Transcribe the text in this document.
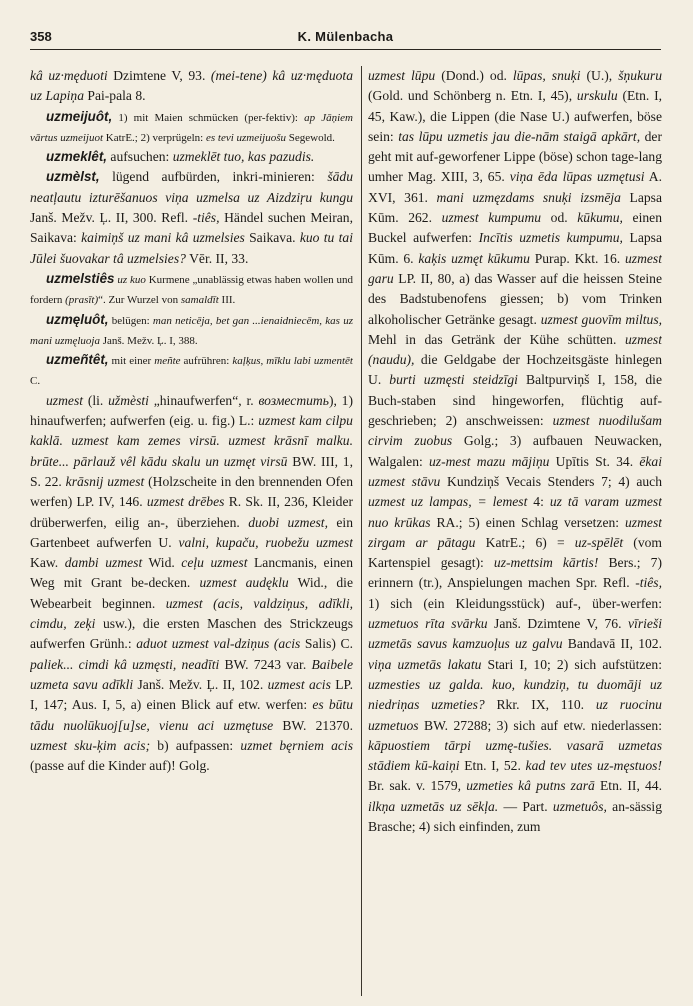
358	K. Mülenbacha

kâ uz·męduoti Dzimtene V, 93. (mei-tene) kâ uz·męduota uz Lapiņa Pai-pala 8.

uzmeijuôt, 1) mit Maien schmücken (per-fektiv): ap Jāņiem vārtus uzmeijuot KatrE.; 2) verprügeln: es tevi uzmeijuošu Segewold.

uzmeklêt, aufsuchen: uzmeklēt tuo, kas pazudis.

uzmèlst, lügend aufbürden, inkri-minieren: šādu neatļautu izturēšanuos viņa uzmelsa uz Aizdziŗu kungu Janš. Mežv. Ļ. II, 300. Refl. -tiês, Händel suchen Meiran, Saikava: kaimiņš uz mani kâ uzmelsies Saikava. kuo tu tai Jūlei šuovakar tâ uzmelsies? Vēr. II, 33.

uzmelstiês uz kuo Kurmene „unablässig etwas haben wollen und fordern (prasīt)“. Zur Wurzel von samaldīt III.

uzmęluôt, belügen: man neticēja, bet gan ...ienaidniecēm, kas uz mani uzmęluoja Janš. Mežv. Ļ. I, 388.

uzmeñtêt, mit einer meñte aufrühren: kaļķus, mīklu labi uzmentēt C.

uzmest (li. užmèsti „hinaufwerfen“, r. возместить), 1) hinaufwerfen; aufwerfen (eig. u. fig.) L.: uzmest kam cilpu kaklā. uzmest kam zemes virsū. uzmest krāsnī malku. brūte... pārlauž vêl kādu skalu un uzmęt virsū BW. III, 1, S. 22. krāsnij uzmest (Holzscheite in den brennenden Ofen werfen) LP. IV, 146. uzmest drēbes R. Sk. II, 236, Kleider drüberwerfen, eilig an-, überziehen. duobi uzmest, ein Gartenbeet aufwerfen U. valni, kupaču, ruobežu uzmest Kaw. dambi uzmest Wid. ceļu uzmest Lancmanis, einen Weg mit Grant be-decken. uzmest audęklu Wid., die Webearbeit beginnen. uzmest (acis, valdziņus, adīkli, cimdu, zeķi usw.), die ersten Maschen des Strickzeugs aufwerfen Grünh.: aduot uzmest val-dziņus (acis Salis) C. paliek... cimdi kâ uzmęsti, neadīti BW. 7243 var. Baibele uzmeta savu adīkli Janš. Mežv. Ļ. II, 102. uzmest acis LP. I, 147; Aus. I, 5, a) einen Blick auf etw. werfen: es būtu tādu nuolūkuoj[u]se, vienu aci uzmętuse BW. 21370. uzmest sku-ķim acis; b) aufpassen: uzmet bęrniem acis (passe auf die Kinder auf)! Golg.

uzmest lūpu (Dond.) od. lūpas, snuķi (U.), šņukuru (Gold. und Schönberg n. Etn. I, 45), urskulu (Etn. I, 45, Kaw.), die Lippen (die Nase U.) aufwerfen, böse sein: tas lūpu uzmetis jau die-nām staigā apkārt, der geht mit auf-geworfener Lippe (böse) schon tage-lang umher Mag. XIII, 3, 65. viņa ēda lūpas uzmętusi A. XVI, 361. mani uzmęzdams snuķi izsmēja Lapsa Kūm. 262. uzmest kumpumu od. kūkumu, einen Buckel aufwerfen: Incītis uzmetis kumpumu, Lapsa Kūm. 6. kaķis uzmęt kūkumu Purap. Kkt. 16. uzmest garu LP. II, 80, a) das Wasser auf die heissen Steine des Badstubenofens giessen; b) vom Trinken alkoholischer Getränke gesagt. uzmest guovīm miltus, Mehl in das Getränk der Kühe schütten. uzmest (naudu), die Geldgabe der Hochzeitsgäste hinlegen U. burti uzmęsti steidzīgi Baltpurviņš I, 158, die Buch-staben sind hingeworfen, flüchtig auf-geschrieben; 2) anschweissen: uzmest nuodilušam cirvim zuobus Golg.; 3) aufbauen Neuwacken, Walgalen: uz-mest mazu mājiņu Upītis St. 34. ēkai uzmest stāvu Kundziņš Vecais Stenders 7; 4) auch uzmest uz lampas, = lemest 4: uz tā varam uzmest nuo krūkas RA.; 5) einen Schlag versetzen: uzmest zirgam ar pātagu KatrE.; 6) = uz-spēlēt (vom Kartenspiel gesagt): uz-mettsim kārtis! Bers.; 7) erinnern (tr.), Anspielungen machen Spr. Refl. -tiês, 1) sich (ein Kleidungsstück) auf-, über-werfen: uzmetuos rīta svārku Janš. Dzimtene V, 76. vīrieši uzmetās savus kamzuoļus uz galvu Bandavā II, 102. viņa uzmetās lakatu Stari I, 10; 2) sich aufstützen: uzmesties uz galda. kuo, kundziņ, tu duomāji uz niedriņas uzmeties? Rkr. IX, 110. uz ruocinu uzmetuos BW. 27288; 3) sich auf etw. niederlassen: kāpuostiem tārpi uzmę-tušies. vasarā uzmetas stādiem kū-kaiņi Etn. I, 52. kad tev utes uz-męstuos! Br. sak. v. 1579, uzmeties kâ putns zarā Etn. II, 44. ilkņa uzmetās uz sēkļa. — Part. uzmetuôs, an-sässig Brasche; 4) sich einfinden, zum
